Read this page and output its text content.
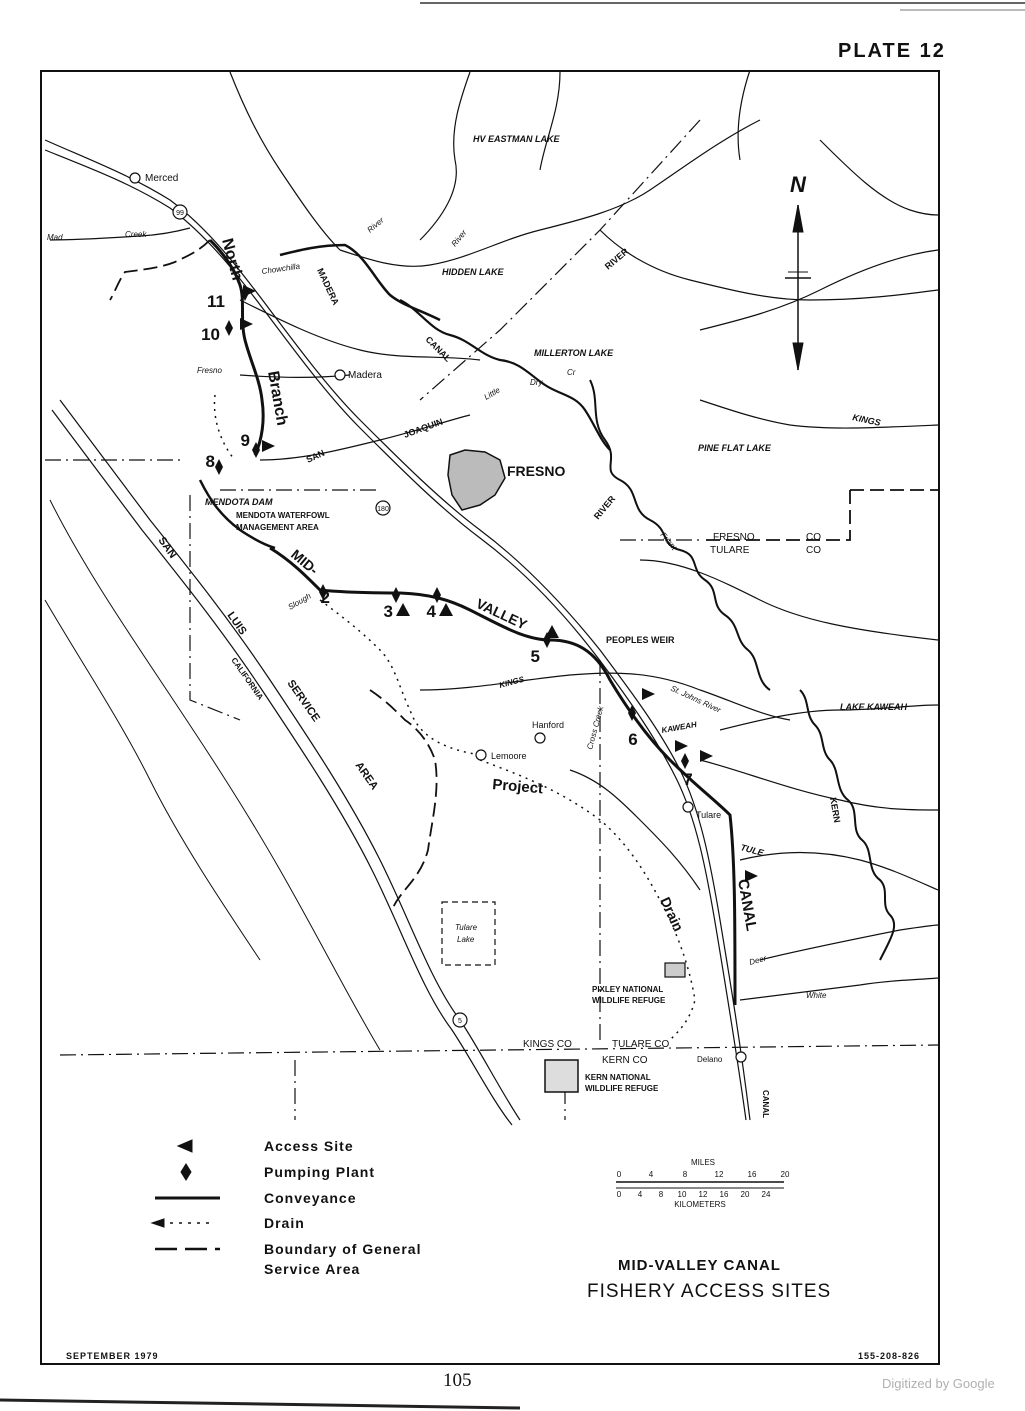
PLATE 12
2
3 4
5
6
7
8
9
10
11
Merced
HV EASTMAN LAKE
HIDDEN LAKE
River
River
MADERA
CANAL
Chowchilla
MILLERTON LAKE
Little
Dry
Cr
Madera
Fresno
SAN
JOAQUIN
RIVER
KINGS
PINE FLAT LAKE
FRESNO
MENDOTA DAM
MENDOTA WATERFOWL
MANAGEMENT AREA
RIVER
Friant	FRESNO	CO
TULARE	CO
MID-
VALLEY
Slough
PEOPLES WEIR
KINGS
St. Johns River
Hanford	Cross Creek	KAWEAH
LAKE KAWEAH
Lemoore
Project
Tulare	KERN
TULE
CANAL
Drain
Tulare
Lake
Deer
White
PIXLEY NATIONAL
WILDLIFE REFUGE
KINGS CO	TULARE CO
KERN CO	Delano
KERN NATIONAL
WILDLIFE REFUGE
CANAL
North
Branch
SAN
LUIS
CALIFORNIA SERVICE
AREA
Mad	Creek
99
180
5
N
Access Site
Pumping Plant
Conveyance
Drain
Boundary of General
Service Area
MILES
0	4	8	12	16	20
0 4 8 10 12 16 20 24
KILOMETERS
MID-VALLEY CANAL
FISHERY ACCESS SITES
SEPTEMBER 1979	155-208-826
105	Digitized by Google
